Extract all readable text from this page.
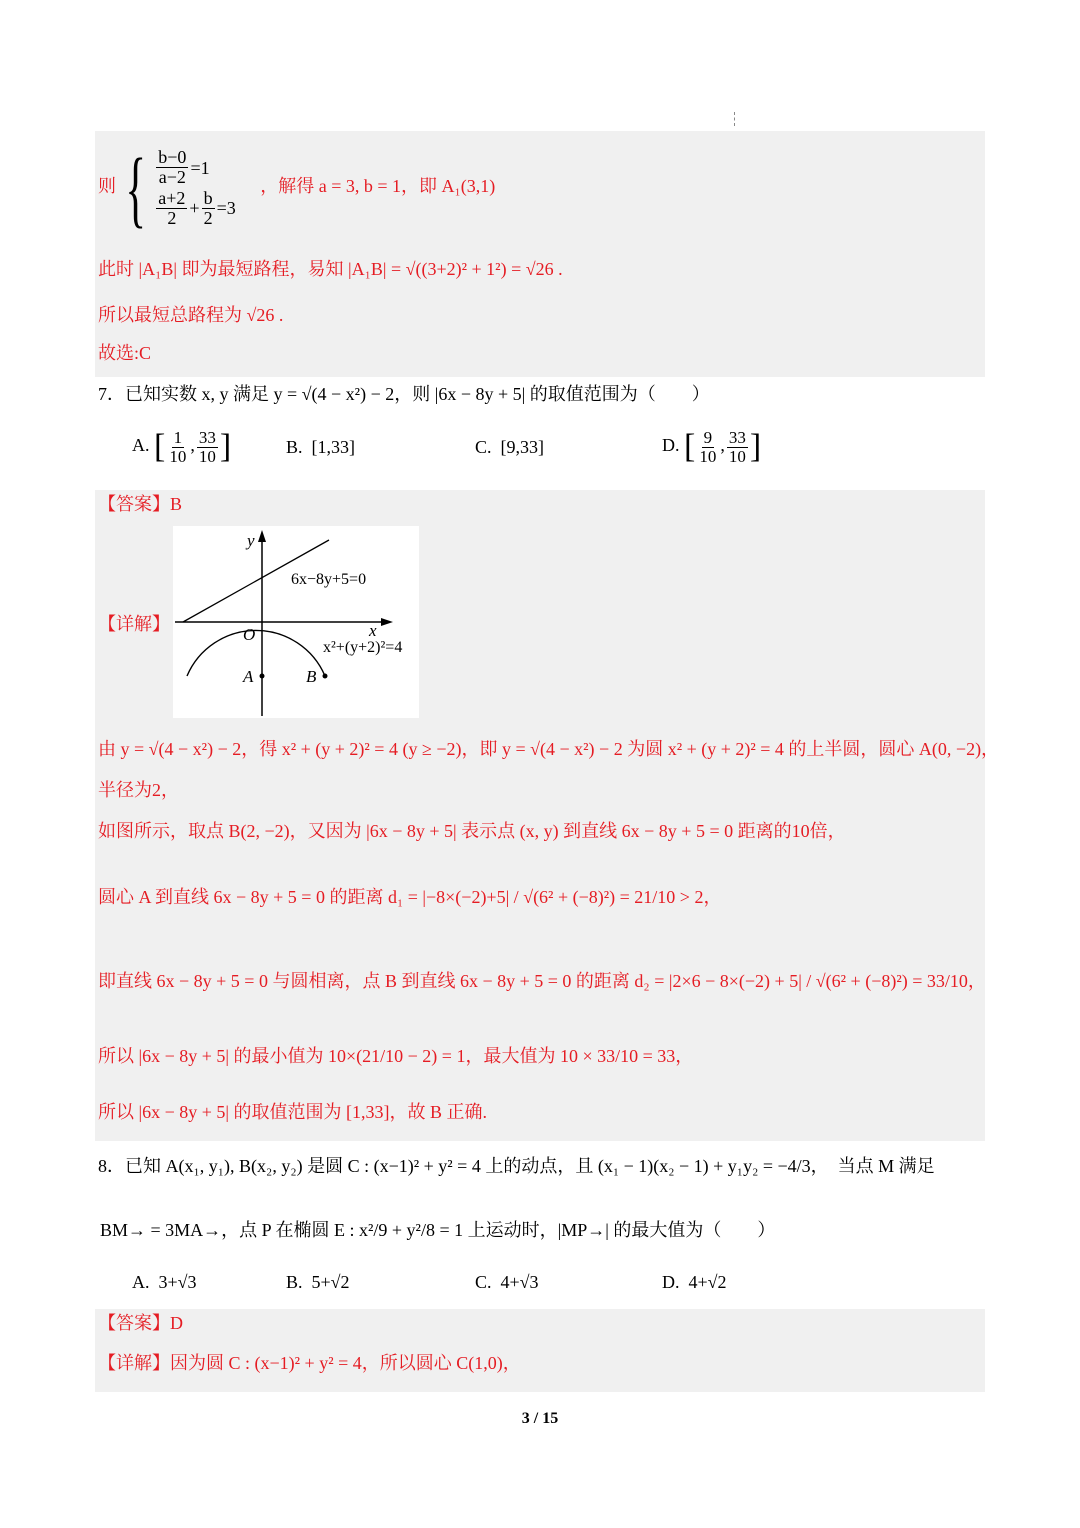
则 { $\frac{b-0}{a-2} =1$
$\frac{a+2}{2} + \frac{b}{2} =3$
，解得 a = 3, b = 1，即 A₁(3,1)
此时 |A₁B| 即为最短路程，易知 |A₁B| = √((3+2)² + 1²) = √26 .
所以最短总路程为 √26 .
故选:C
7．已知实数 x, y 满足 y = √(4 − x²) − 2，则 |6x − 8y + 5| 的取值范围为（　　）
A. [ $\frac{1}{10}$ , $\frac{33}{10}$ ]	B. [1,33]	C. [9,33]	D. [ $\frac{9}{10}$ , $\frac{33}{10}$ ]
【答案】B
【详解】
y
x
O
6x−8y+5=0
x²+(y+2)²=4
A	B
由 y = √(4 − x²) − 2，得 x² + (y + 2)² = 4 (y ≥ −2)，即 y = √(4 − x²) − 2 为圆 x² + (y + 2)² = 4 的上半圆，圆心 A(0, −2)，
半径为2，
如图所示，取点 B(2, −2)，又因为 |6x − 8y + 5| 表示点 (x, y) 到直线 6x − 8y + 5 = 0 距离的10倍，
圆心 A 到直线 6x − 8y + 5 = 0 的距离 d₁ = |−8×(−2)+5| / √(6² + (−8)²) = 21/10 > 2，
即直线 6x − 8y + 5 = 0 与圆相离，点 B 到直线 6x − 8y + 5 = 0 的距离 d₂ = |2×6 − 8×(−2) + 5| / √(6² + (−8)²) = 33/10，
所以 |6x − 8y + 5| 的最小值为 10×(21/10 − 2) = 1，最大值为 10 × 33/10 = 33，
所以 |6x − 8y + 5| 的取值范围为 [1,33]，故 B 正确.
8．已知 A(x₁, y₁), B(x₂, y₂) 是圆 C : (x−1)² + y² = 4 上的动点，且 (x₁ − 1)(x₂ − 1) + y₁y₂ = −4/3，　当点 M 满足
BM→ = 3MA→，点 P 在椭圆 E : x²/9 + y²/8 = 1 上运动时，|MP→| 的最大值为（　　）
A. 3+√3	B. 5+√2	C. 4+√3	D. 4+√2
【答案】D
【详解】因为圆 C : (x−1)² + y² = 4，所以圆心 C(1,0)，
3 / 15
